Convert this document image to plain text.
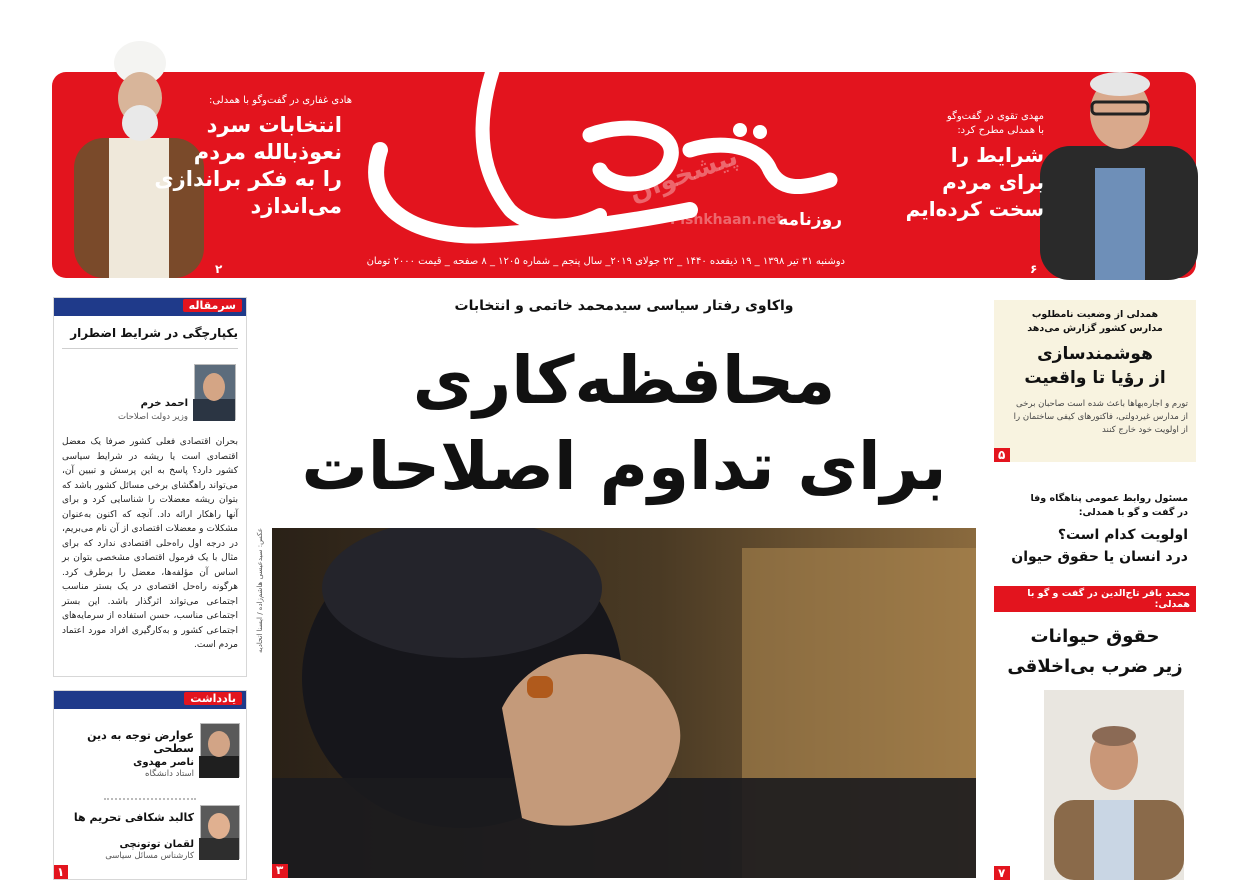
هادی غفاری در گفت‌وگو با همدلی:
انتخابات سرد
نعوذبالله مردم
را به فکر براندازی
می‌اندازد
۲
روزنامه
پیشخوان
Pishkhaan.net
دوشنبه ۳۱ تیر ۱۳۹۸ _ ۱۹ ذیقعده ۱۴۴۰ _ ۲۲ جولای ۲۰۱۹_ سال پنجم _ شماره ۱۲۰۵ _ ۸ صفحه _ قیمت ۲۰۰۰ تومان
مهدی تقوی در گفت‌وگو
با همدلی مطرح کرد:
شرایط را
برای مردم
سخت کرده‌ایم
۶
واکاوی رفتار سیاسی سیدمحمد خاتمی و انتخابات
محافظه‌کاری
برای تداوم اصلاحات
عکس: سیدعیسی هاشم‌زاده / ایسنا اتحادیه
۳
سرمقاله
یکپارچگی در شرایط اضطرار
احمد خرم
وزیر دولت اصلاحات
بحران اقتصادی فعلی کشور صرفا یک معضل اقتصادی است یا ریشه در شرایط سیاسی کشور دارد؟ پاسخ به این پرسش و تبیین آن، می‌تواند راهگشای برخی مسائل کشور باشد که بتوان ریشه معضلات را شناسایی کرد و برای آنها راهکار ارائه داد. آنچه که اکنون به‌عنوان مشکلات و معضلات اقتصادی از آن نام می‌بریم، در درجه اول راه‌حلی اقتصادی ندارد که برای مثال با یک فرمول اقتصادی مشخصی بتوان بر اساس آن مؤلفه‌ها، معضل را برطرف کرد. هرگونه راه‌حل اقتصادی در یک بستر مناسب اجتماعی می‌تواند اثرگذار باشد. این بستر اجتماعی مناسب، حسن استفاده از سرمایه‌های اجتماعی کشور و به‌کارگیری افراد مورد اعتماد مردم است.
یادداشت
عوارض توجه به دین سطحی
ناصر مهدوی
استاد دانشگاه
کالبد شکافی تحریم ها
لقمان توتونچی
کارشناس مسائل سیاسی
۱
همدلی از وضعیت نامطلوب
مدارس کشور گزارش می‌دهد
هوشمندسازی
از رؤیا تا واقعیت
تورم و اجاره‌بهاها باعث شده است صاحبان برخی
از مدارس غیردولتی، فاکتورهای کیفی ساختمان را
از اولویت خود خارج کنند
۵
مسئول روابط عمومی پناهگاه وفا
در گفت و گو با همدلی:
اولویت کدام است؟
درد انسان یا حقوق حیوان
محمد باقر تاج‌الدین در گفت و گو با همدلی:
حقوق حیوانات
زیر ضرب بی‌اخلاقی
۷
